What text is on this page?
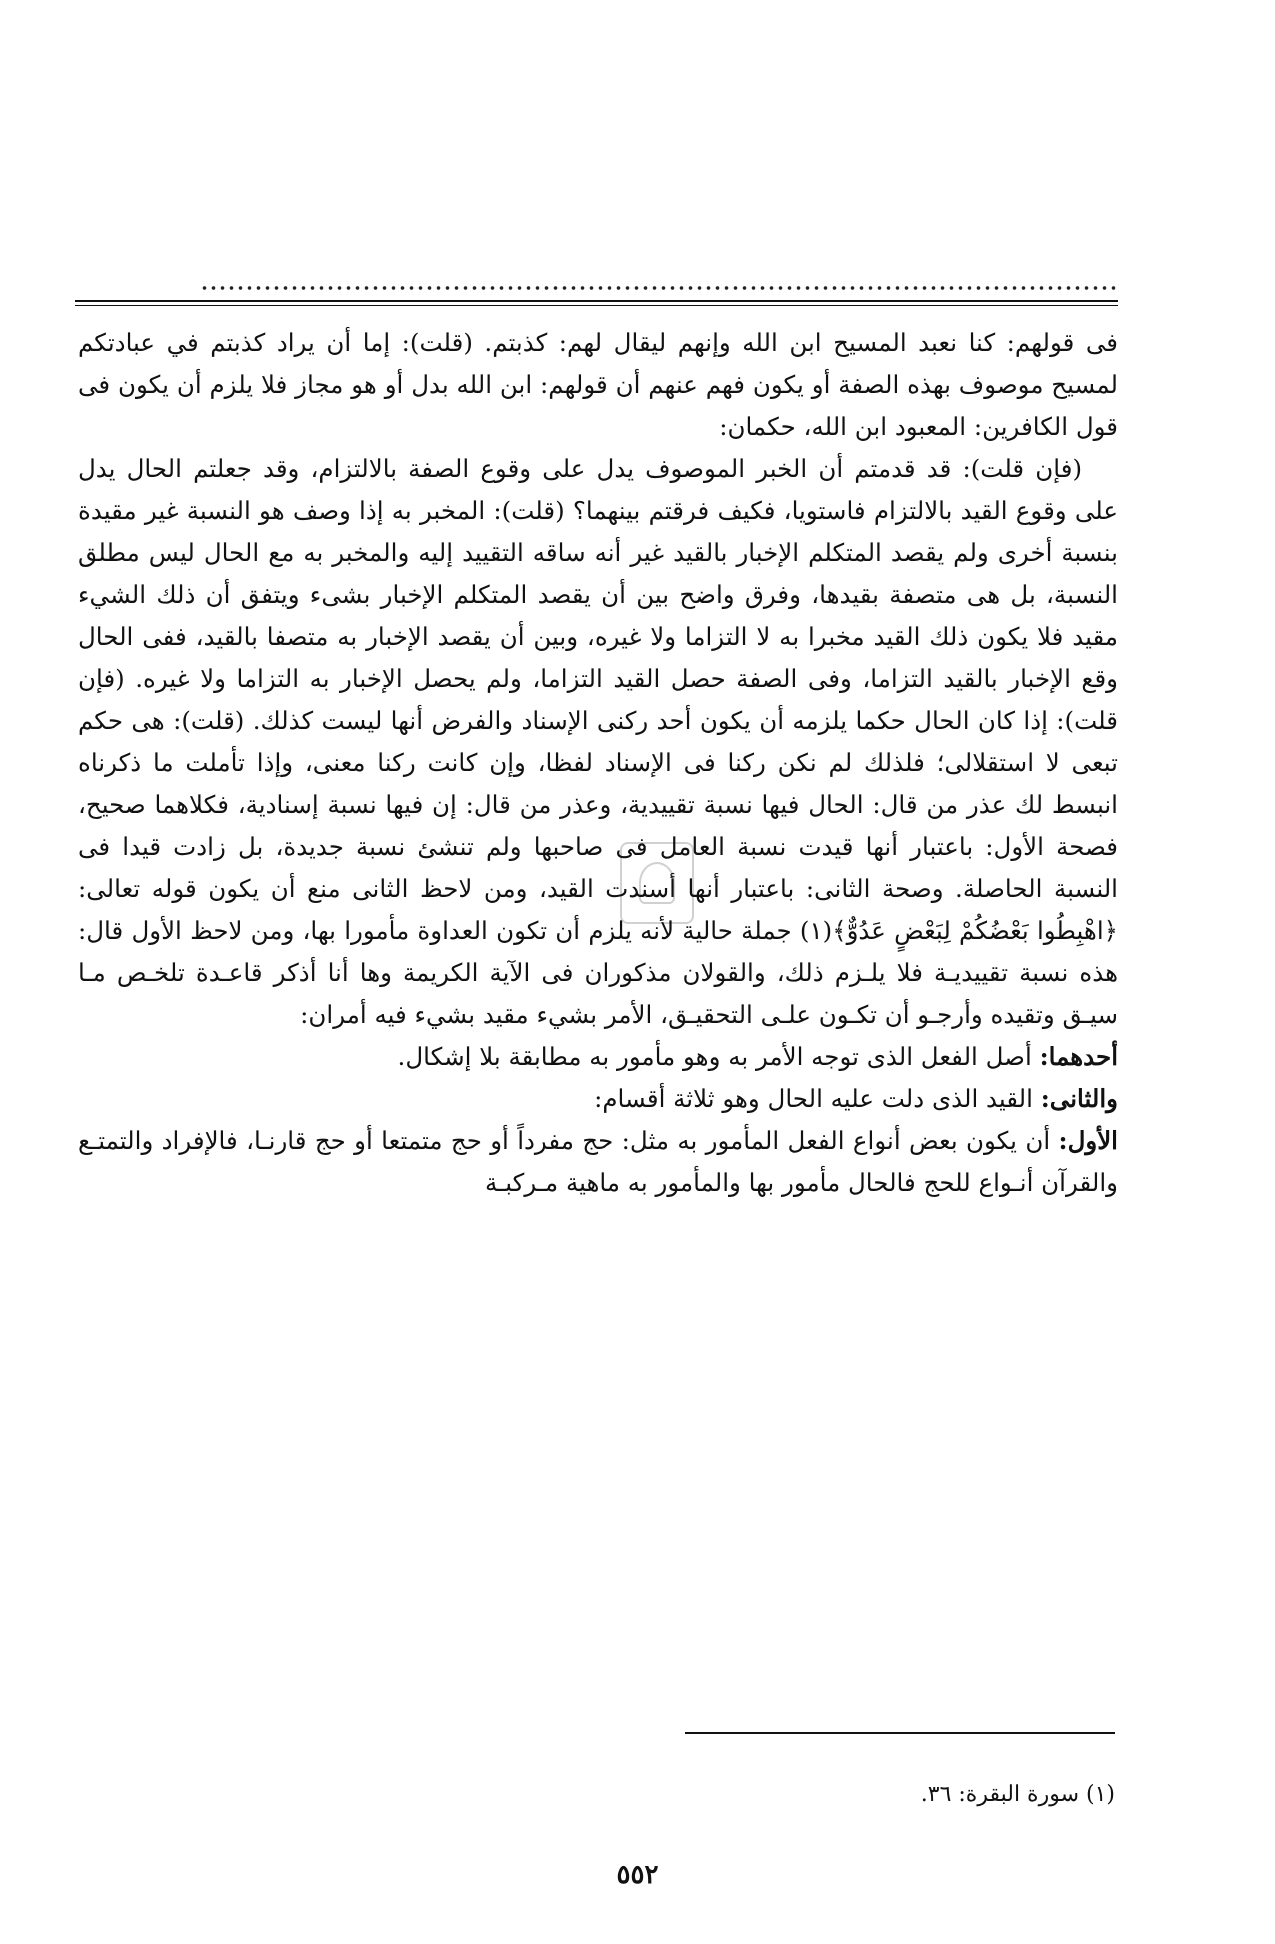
فى قولهم: كنا نعبد المسيح ابن الله وإنهم ليقال لهم: كذبتم. (قلت): إما أن يراد كذبتم في عبادتكم لمسيح موصوف بهذه الصفة أو يكون فهم عنهم أن قولهم: ابن الله بدل أو هو مجاز فلا يلزم أن يكون فى قول الكافرين: المعبود ابن الله، حكمان:

(فإن قلت): قد قدمتم أن الخبر الموصوف يدل على وقوع الصفة بالالتزام، وقد جعلتم الحال يدل على وقوع القيد بالالتزام فاستويا، فكيف فرقتم بينهما؟ (قلت): المخبر به إذا وصف هو النسبة غير مقيدة بنسبة أخرى ولم يقصد المتكلم الإخبار بالقيد غير أنه ساقه التقييد إليه والمخبر به مع الحال ليس مطلق النسبة، بل هى متصفة بقيدها، وفرق واضح بين أن يقصد المتكلم الإخبار بشىء ويتفق أن ذلك الشيء مقيد فلا يكون ذلك القيد مخبرا به لا التزاما ولا غيره، وبين أن يقصد الإخبار به متصفا بالقيد، ففى الحال وقع الإخبار بالقيد التزاما، وفى الصفة حصل القيد التزاما، ولم يحصل الإخبار به التزاما ولا غيره. (فإن قلت): إذا كان الحال حكما يلزمه أن يكون أحد ركنى الإسناد والفرض أنها ليست كذلك. (قلت): هى حكم تبعى لا استقلالى؛ فلذلك لم نكن ركنا فى الإسناد لفظا، وإن كانت ركنا معنى، وإذا تأملت ما ذكرناه انبسط لك عذر من قال: الحال فيها نسبة تقييدية، وعذر من قال: إن فيها نسبة إسنادية، فكلاهما صحيح، فصحة الأول: باعتبار أنها قيدت نسبة العامل فى صاحبها ولم تنشئ نسبة جديدة، بل زادت قيدا فى النسبة الحاصلة. وصحة الثانى: باعتبار أنها أسندت القيد، ومن لاحظ الثانى منع أن يكون قوله تعالى: ﴿اهْبِطُوا بَعْضُكُمْ لِبَعْضٍ عَدُوٌّ﴾(١) جملة حالية لأنه يلزم أن تكون العداوة مأمورا بها، ومن لاحظ الأول قال: هذه نسبة تقييديـة فلا يلـزم ذلك، والقولان مذكوران فى الآية الكريمة وها أنا أذكر قاعـدة تلخـص مـا سيـق وتقيده وأرجـو أن تكـون علـى التحقيـق، الأمر بشيء مقيد بشيء فيه أمران:

أحدهما: أصل الفعل الذى توجه الأمر به وهو مأمور به مطابقة بلا إشكال.

والثانى: القيد الذى دلت عليه الحال وهو ثلاثة أقسام:

الأول: أن يكون بعض أنواع الفعل المأمور به مثل: حج مفرداً أو حج متمتعا أو حج قارنـا، فالإفراد والتمتـع والقرآن أنـواع للحج فالحال مأمور بها والمأمور به ماهية مـركبـة

(١) سورة البقرة: ٣٦.
٥٥٢
